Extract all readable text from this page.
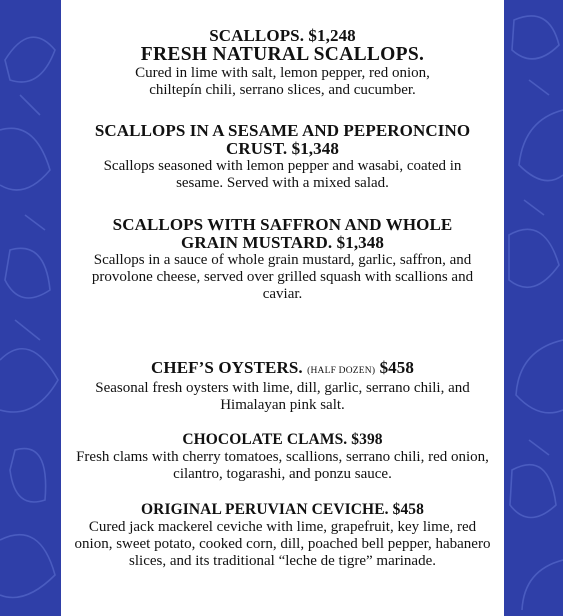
SCALLOPS. $1,248
FRESH NATURAL SCALLOPS.
Cured in lime with salt, lemon pepper, red onion, chiltepín chili, serrano slices, and cucumber.
SCALLOPS IN A SESAME AND PEPERONCINO
CRUST. $1,348
Scallops seasoned with lemon pepper and wasabi, coated in sesame. Served with a mixed salad.
SCALLOPS WITH SAFFRON AND WHOLE
GRAIN MUSTARD. $1,348
Scallops in a sauce of whole grain mustard, garlic, saffron, and provolone cheese, served over grilled squash with scallions and caviar.
CHEF’S OYSTERS. (HALF DOZEN) $458
Seasonal fresh oysters with lime, dill, garlic, serrano chili, and Himalayan pink salt.
CHOCOLATE CLAMS. $398
Fresh clams with cherry tomatoes, scallions, serrano chili, red onion, cilantro, togarashi, and ponzu sauce.
ORIGINAL PERUVIAN CEVICHE. $458
Cured jack mackerel ceviche with lime, grapefruit, key lime, red onion, sweet potato, cooked corn, dill, poached bell pepper, habanero slices, and its traditional “leche de tigre” marinade.
